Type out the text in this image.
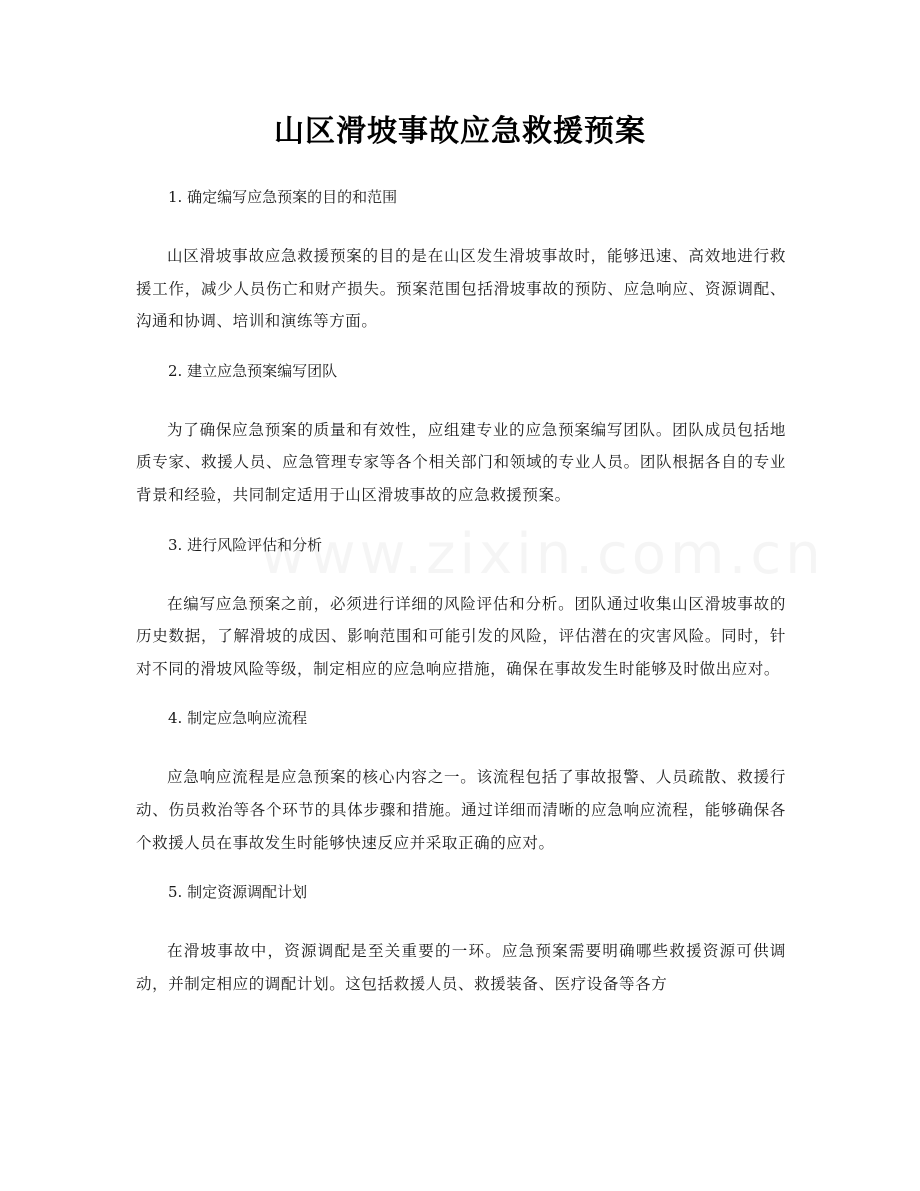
山区滑坡事故应急救援预案

1. 确定编写应急预案的目的和范围

山区滑坡事故应急救援预案的目的是在山区发生滑坡事故时，能够迅速、高效地进行救援工作，减少人员伤亡和财产损失。预案范围包括滑坡事故的预防、应急响应、资源调配、沟通和协调、培训和演练等方面。

2. 建立应急预案编写团队

为了确保应急预案的质量和有效性，应组建专业的应急预案编写团队。团队成员包括地质专家、救援人员、应急管理专家等各个相关部门和领域的专业人员。团队根据各自的专业背景和经验，共同制定适用于山区滑坡事故的应急救援预案。

3. 进行风险评估和分析

在编写应急预案之前，必须进行详细的风险评估和分析。团队通过收集山区滑坡事故的历史数据，了解滑坡的成因、影响范围和可能引发的风险，评估潜在的灾害风险。同时，针对不同的滑坡风险等级，制定相应的应急响应措施，确保在事故发生时能够及时做出应对。

4. 制定应急响应流程

应急响应流程是应急预案的核心内容之一。该流程包括了事故报警、人员疏散、救援行动、伤员救治等各个环节的具体步骤和措施。通过详细而清晰的应急响应流程，能够确保各个救援人员在事故发生时能够快速反应并采取正确的应对。

5. 制定资源调配计划

在滑坡事故中，资源调配是至关重要的一环。应急预案需要明确哪些救援资源可供调动，并制定相应的调配计划。这包括救援人员、救援装备、医疗设备等各方
